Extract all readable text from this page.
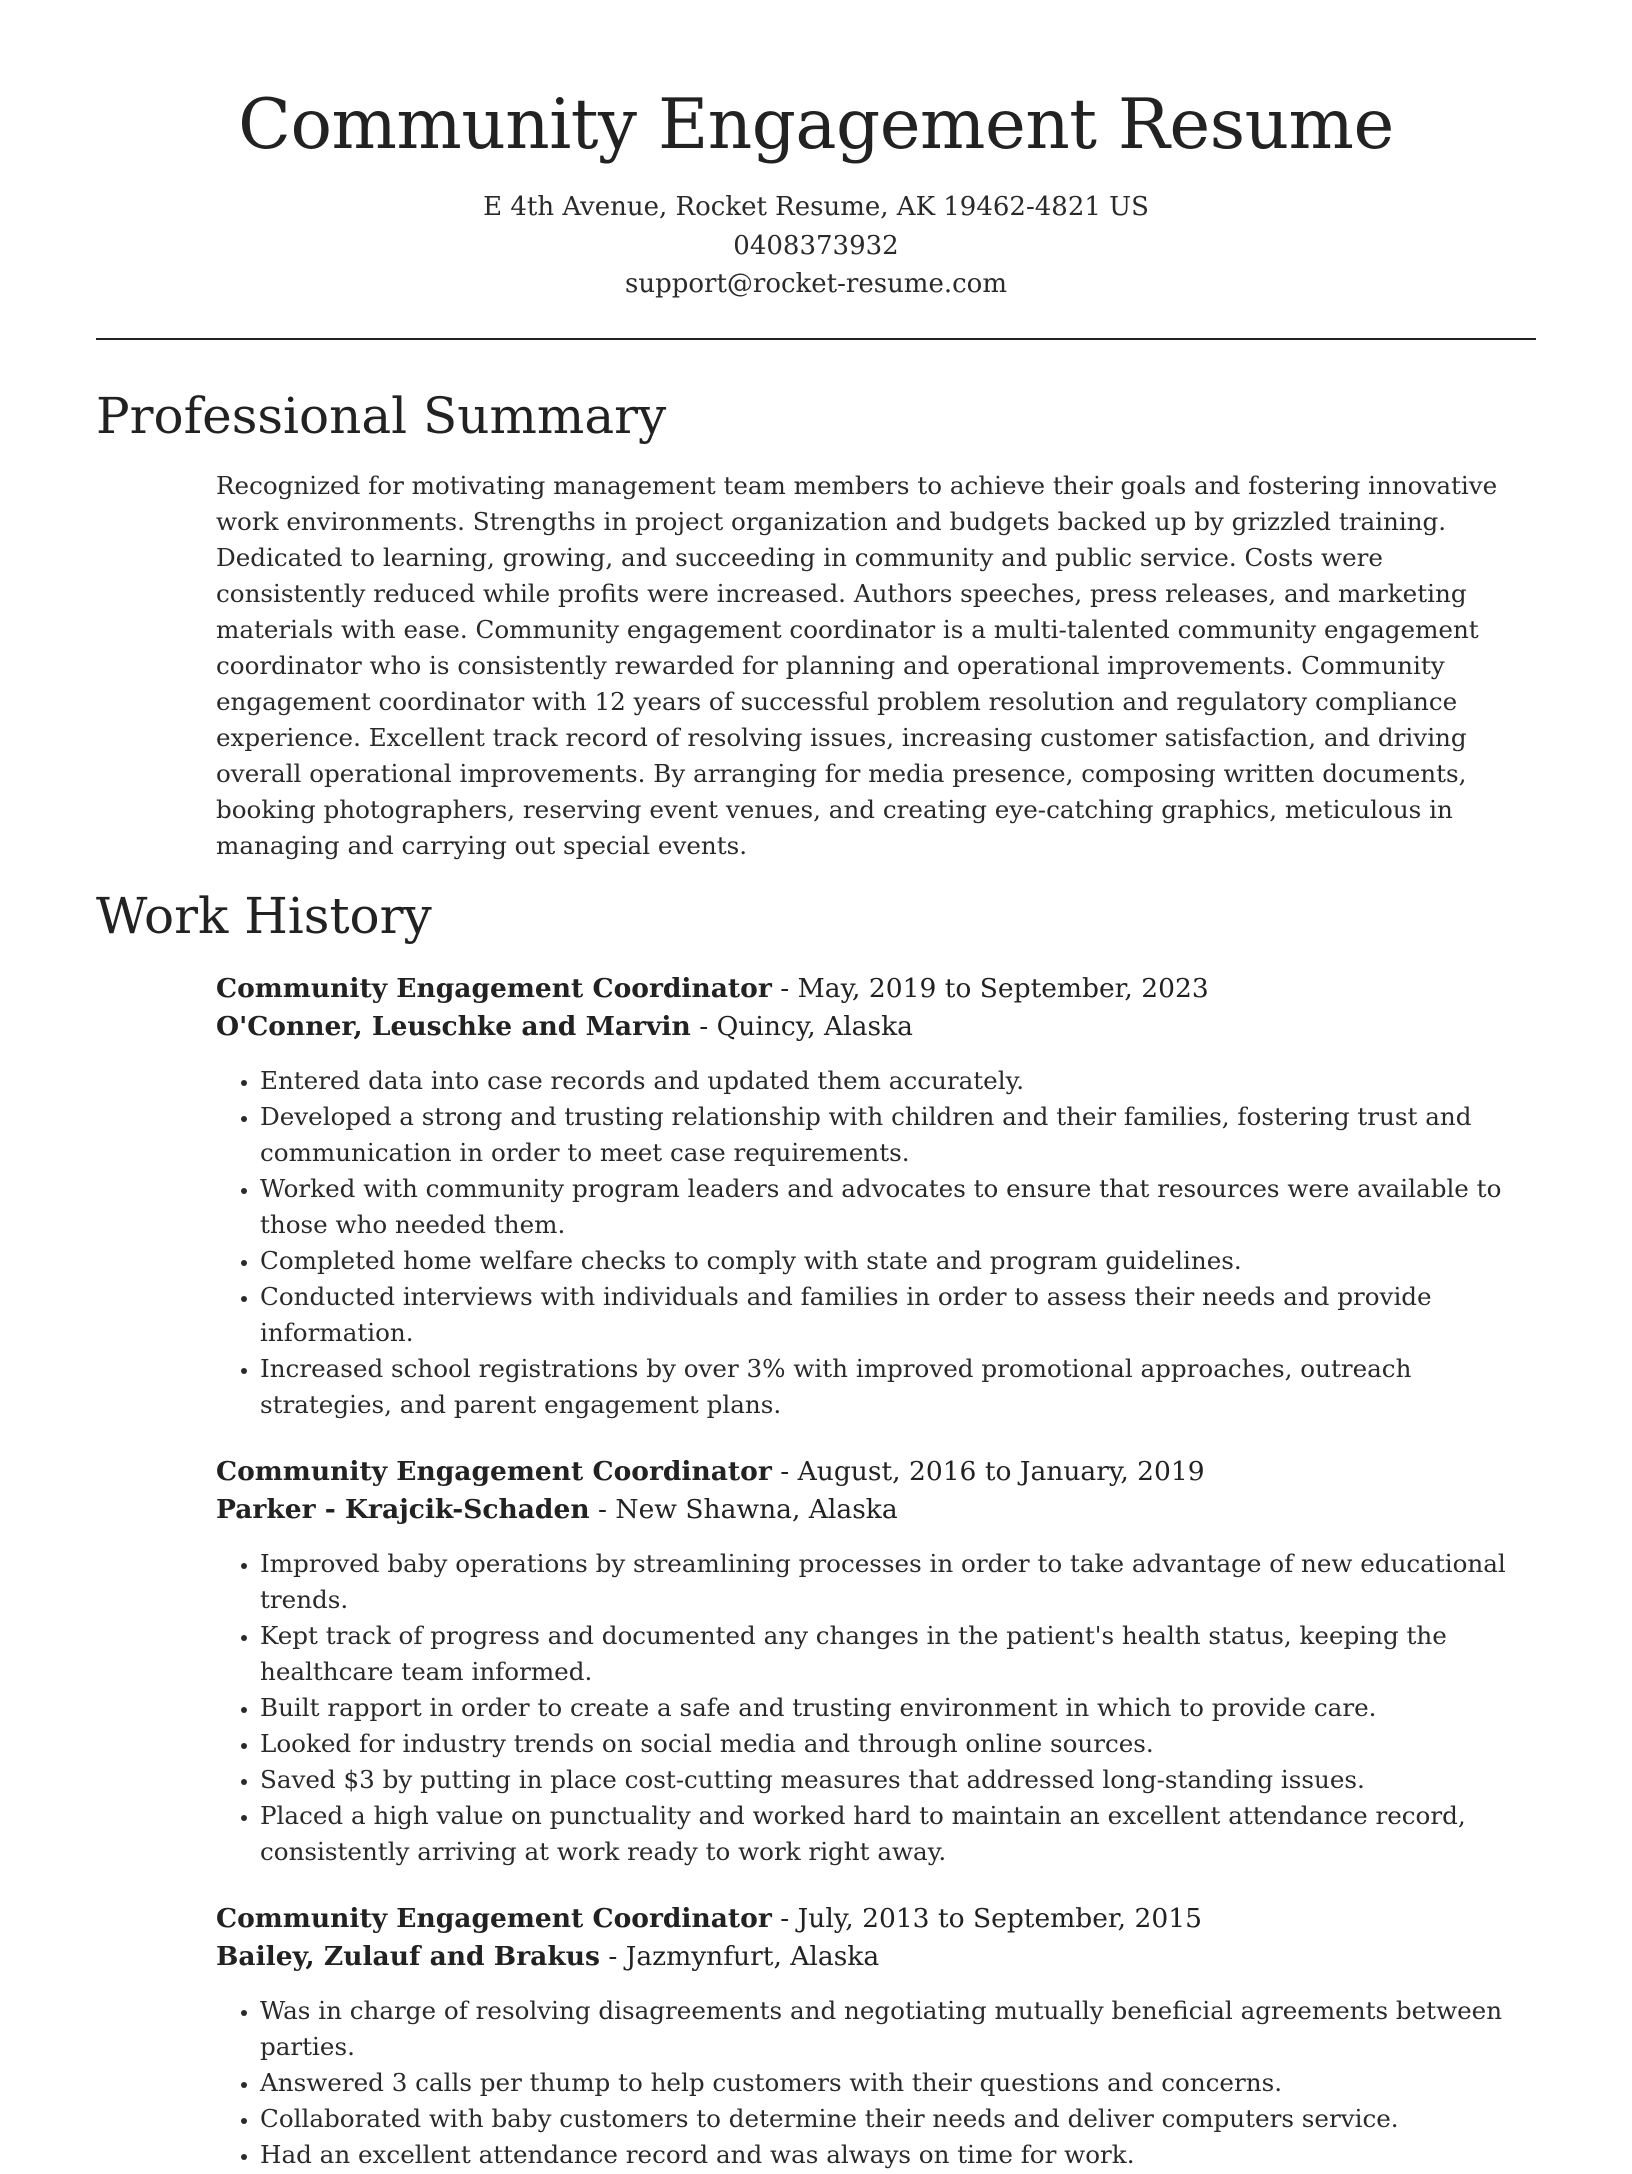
Community Engagement Resume
E 4th Avenue, Rocket Resume, AK 19462-4821 US
0408373932
support@rocket-resume.com
Professional Summary

Recognized for motivating management team members to achieve their goals and fostering innovative work environments. Strengths in project organization and budgets backed up by grizzled training. Dedicated to learning, growing, and succeeding in community and public service. Costs were consistently reduced while profits were increased. Authors speeches, press releases, and marketing materials with ease. Community engagement coordinator is a multi-talented community engagement coordinator who is consistently rewarded for planning and operational improvements. Community engagement coordinator with 12 years of successful problem resolution and regulatory compliance experience. Excellent track record of resolving issues, increasing customer satisfaction, and driving overall operational improvements. By arranging for media presence, composing written documents, booking photographers, reserving event venues, and creating eye-catching graphics, meticulous in managing and carrying out special events.

Work History
Community Engagement Coordinator - May, 2019 to September, 2023
O'Conner, Leuschke and Marvin - Quincy, Alaska
• Entered data into case records and updated them accurately.
• Developed a strong and trusting relationship with children and their families, fostering trust and communication in order to meet case requirements.
• Worked with community program leaders and advocates to ensure that resources were available to those who needed them.
• Completed home welfare checks to comply with state and program guidelines.
• Conducted interviews with individuals and families in order to assess their needs and provide information.
• Increased school registrations by over 3% with improved promotional approaches, outreach strategies, and parent engagement plans.
Community Engagement Coordinator - August, 2016 to January, 2019
Parker - Krajcik-Schaden - New Shawna, Alaska
• Improved baby operations by streamlining processes in order to take advantage of new educational trends.
• Kept track of progress and documented any changes in the patient's health status, keeping the healthcare team informed.
• Built rapport in order to create a safe and trusting environment in which to provide care.
• Looked for industry trends on social media and through online sources.
• Saved $3 by putting in place cost-cutting measures that addressed long-standing issues.
• Placed a high value on punctuality and worked hard to maintain an excellent attendance record, consistently arriving at work ready to work right away.
Community Engagement Coordinator - July, 2013 to September, 2015
Bailey, Zulauf and Brakus - Jazmynfurt, Alaska
• Was in charge of resolving disagreements and negotiating mutually beneficial agreements between parties.
• Answered 3 calls per thump to help customers with their questions and concerns.
• Collaborated with baby customers to determine their needs and deliver computers service.
• Had an excellent attendance record and was always on time for work.
